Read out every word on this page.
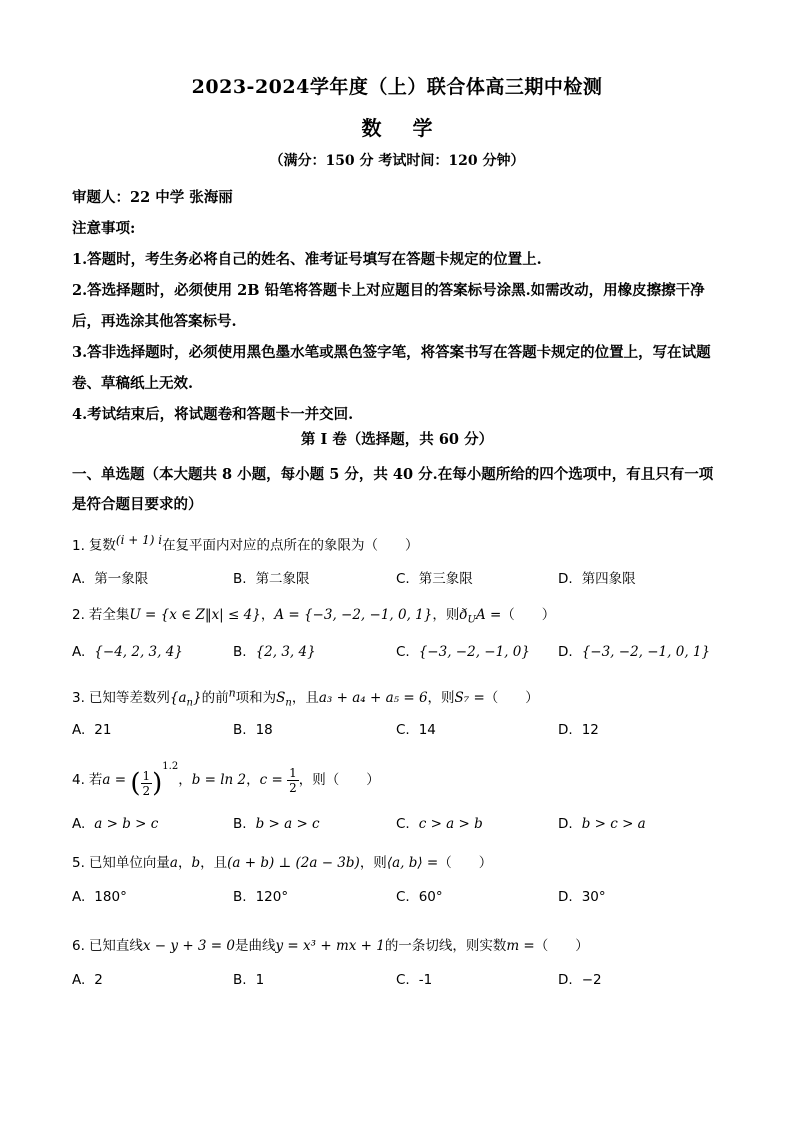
2023-2024学年度（上）联合体高三期中检测
数 学
（满分：150 分 考试时间：120 分钟）

审题人：22 中学 张海丽

注意事项:

1.答题时，考生务必将自己的姓名、准考证号填写在答题卡规定的位置上.

2.答选择题时，必须使用 2B 铅笔将答题卡上对应题目的答案标号涂黑.如需改动，用橡皮擦擦干净后，再选涂其他答案标号.

3.答非选择题时，必须使用黑色墨水笔或黑色签字笔，将答案书写在答题卡规定的位置上，写在试题卷、草稿纸上无效.

4.考试结束后，将试题卷和答题卡一并交回.

第 I 卷（选择题，共 60 分）
一、单选题（本大题共 8 小题，每小题 5 分，共 40 分.在每小题所给的四个选项中，有且只有一项是符合题目要求的）
1. 复数$^{(i + 1) i}$在复平面内对应的点所在的象限为（　　）
A. 第一象限	B. 第二象限	C. 第三象限	D. 第四象限
2. 若全集U = {x ∈ Z‖x| ≤ 4}，A = {−3, −2, −1, 0, 1}，则$ð_UA$ =（　　）
A. {−4, 2, 3, 4}	B. {2, 3, 4}	C. {−3, −2, −1, 0} D. {−3, −2, −1, 0, 1}
3. 已知等差数列$\{a_n\}$的前$^n$项和为$S_n$，且a₃ + a₄ + a₅ = 6，则S₇ =（　　）
A. 21	B. 18	C. 14	D. 12
4. 若a = ( $\frac{1}{2} )^{1.2}$，b = ln 2，$c = \frac{1}{2}$ ，则（　　）
A. a > b > c	B. b > a > c	C. c > a > b	D. b > c > a
5. 已知单位向量a，b，且(a + b) ⊥ (2a − 3b)，则⟨a, b⟩ =（　　）
A. 180°	B. 120°	C. 60°	D. 30°
6. 已知直线x − y + 3 = 0是曲线y = x³ + mx + 1的一条切线，则实数m =（　　）
A. 2	B. 1	C. -1	D. −2
